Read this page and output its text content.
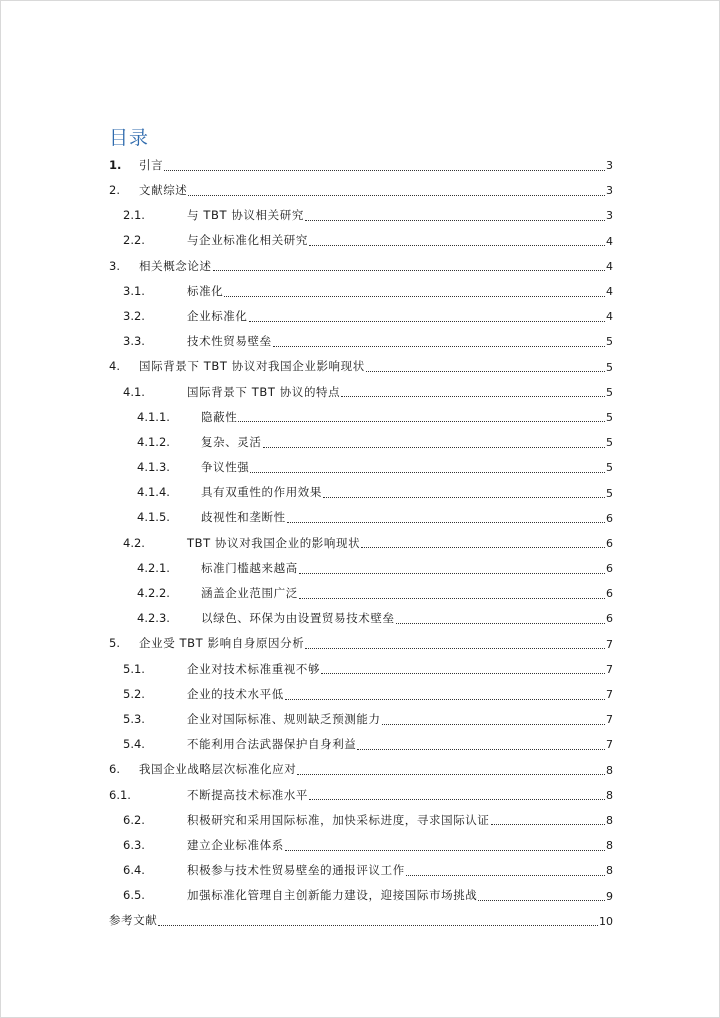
目录
1.	引言	3
2.	文献综述	3
2.1.	与 TBT 协议相关研究	3
2.2.	与企业标准化相关研究	4
3.	相关概念论述	4
3.1.	标准化	4
3.2.	企业标准化	4
3.3.	技术性贸易壁垒	5
4.	国际背景下 TBT 协议对我国企业影响现状	5
4.1.	国际背景下 TBT 协议的特点	5
4.1.1.	隐蔽性	5
4.1.2.	复杂、灵活	5
4.1.3.	争议性强	5
4.1.4.	具有双重性的作用效果	5
4.1.5.	歧视性和垄断性	6
4.2.	TBT 协议对我国企业的影响现状	6
4.2.1.	标准门槛越来越高	6
4.2.2.	涵盖企业范围广泛	6
4.2.3.	以绿色、环保为由设置贸易技术壁垒	6
5.	企业受 TBT 影响自身原因分析	7
5.1.	企业对技术标准重视不够	7
5.2.	企业的技术水平低	7
5.3.	企业对国际标准、规则缺乏预测能力	7
5.4.	不能利用合法武器保护自身利益	7
6.	我国企业战略层次标准化应对	8
6.1.	不断提高技术标准水平	8
6.2.	积极研究和采用国际标准，加快采标进度，寻求国际认证	8
6.3.	建立企业标准体系	8
6.4.	积极参与技术性贸易壁垒的通报评议工作	8
6.5.	加强标准化管理自主创新能力建设，迎接国际市场挑战	9
参考文献	10
